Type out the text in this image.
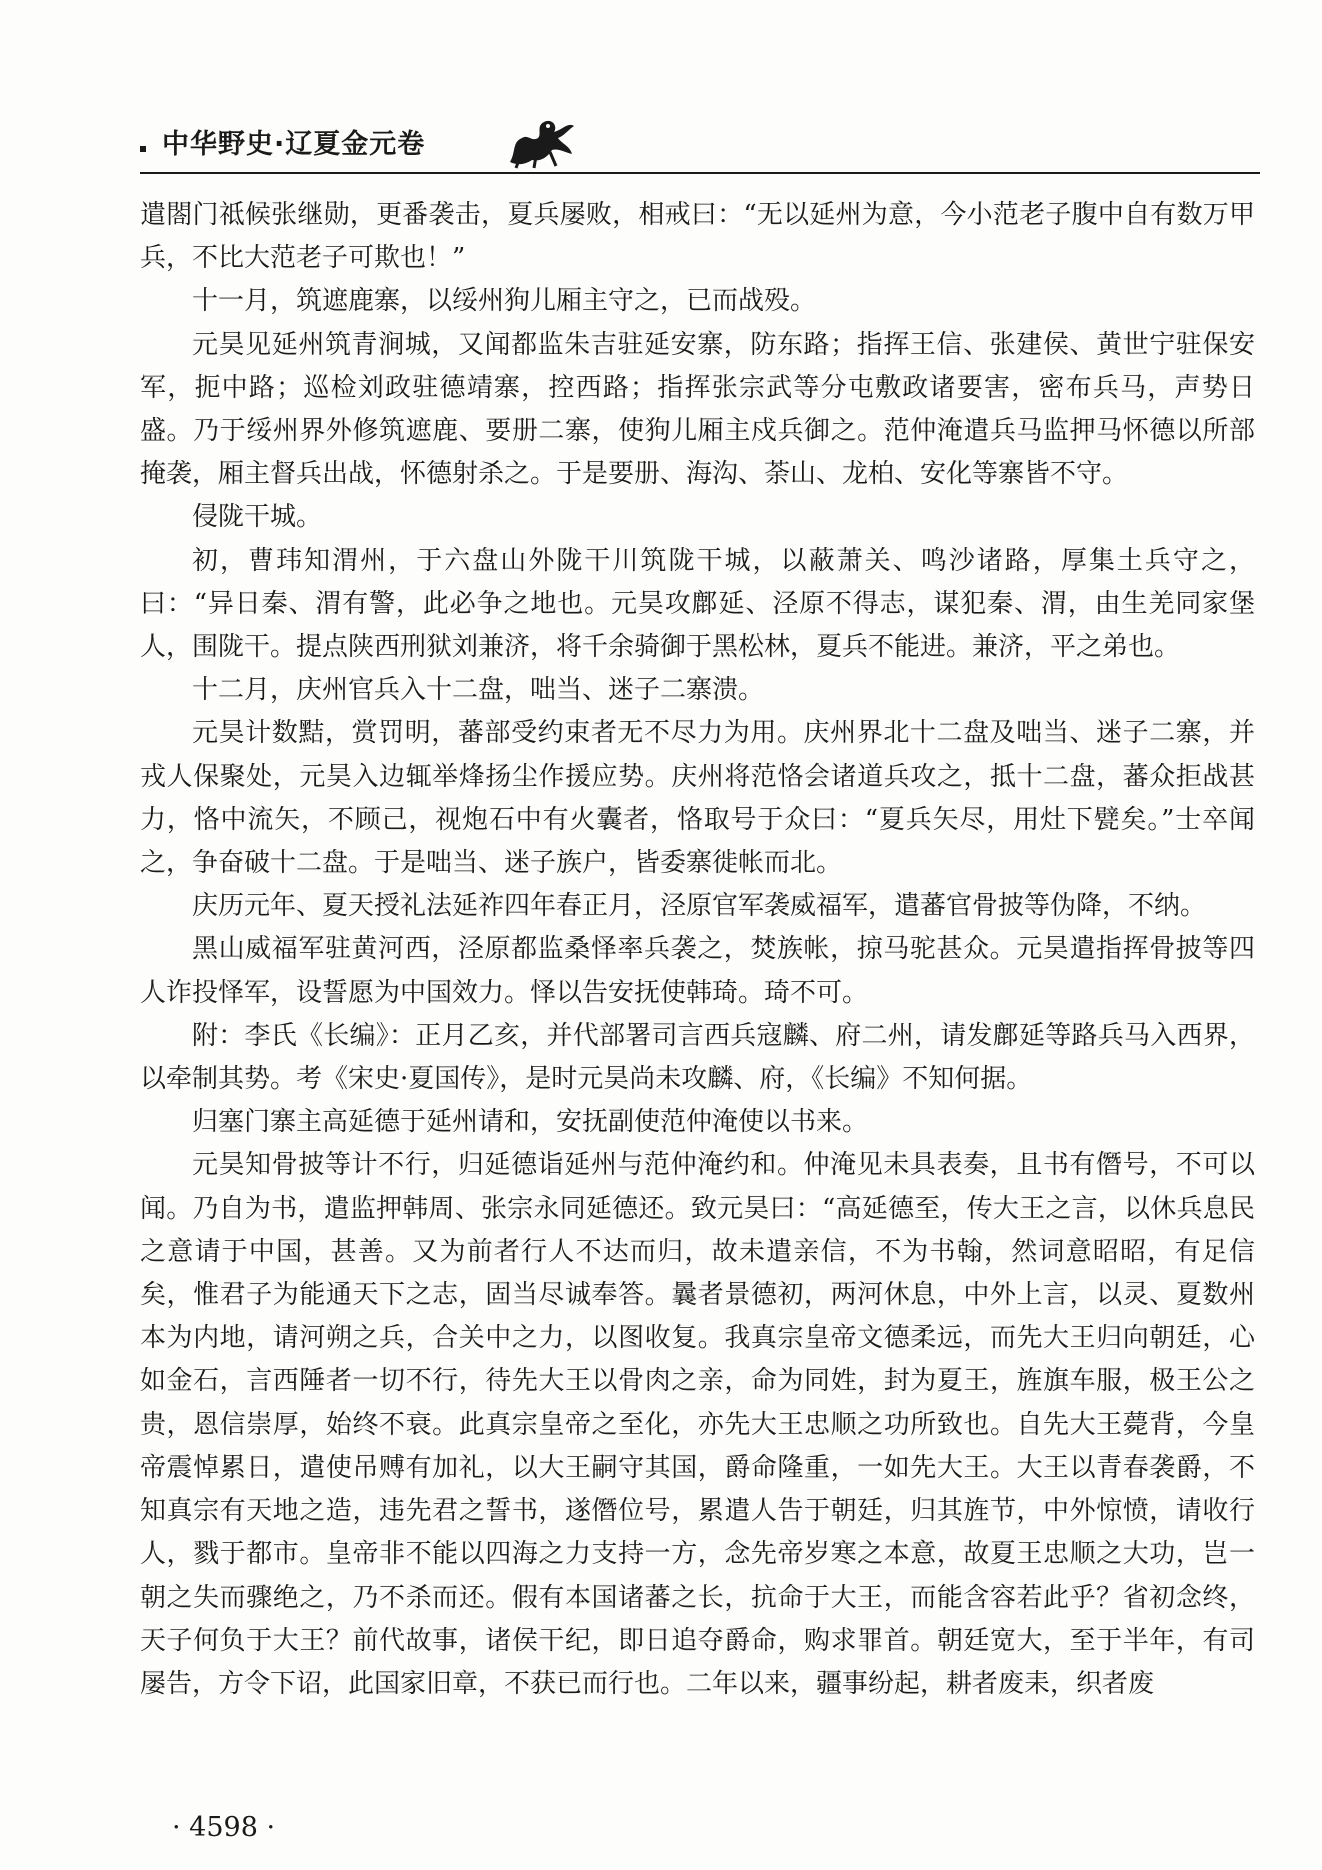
中华野史·辽夏金元卷

遣閤门祗候张继勋，更番袭击，夏兵屡败，相戒曰：“无以延州为意，今小范老子腹中自有数万甲兵，不比大范老子可欺也！”

十一月，筑遮鹿寨，以绥州狗儿厢主守之，已而战殁。

元昊见延州筑青涧城，又闻都监朱吉驻延安寨，防东路；指挥王信、张建侯、黄世宁驻保安军，扼中路；巡检刘政驻德靖寨，控西路；指挥张宗武等分屯敷政诸要害，密布兵马，声势日盛。乃于绥州界外修筑遮鹿、要册二寨，使狗儿厢主戍兵御之。范仲淹遣兵马监押马怀德以所部掩袭，厢主督兵出战，怀德射杀之。于是要册、海沟、荼山、龙柏、安化等寨皆不守。

侵陇干城。

初，曹玮知渭州，于六盘山外陇干川筑陇干城，以蔽萧关、鸣沙诸路，厚集土兵守之，曰：“异日秦、渭有警，此必争之地也。元昊攻鄜延、泾原不得志，谋犯秦、渭，由生羌同家堡人，围陇干。提点陕西刑狱刘兼济，将千余骑御于黑松林，夏兵不能进。兼济，平之弟也。

十二月，庆州官兵入十二盘，咄当、迷子二寨溃。

元昊计数黠，赏罚明，蕃部受约束者无不尽力为用。庆州界北十二盘及咄当、迷子二寨，并戎人保聚处，元昊入边辄举烽扬尘作援应势。庆州将范恪会诸道兵攻之，抵十二盘，蕃众拒战甚力，恪中流矢，不顾己，视炮石中有火囊者，恪取号于众曰：“夏兵矢尽，用灶下甓矣。”士卒闻之，争奋破十二盘。于是咄当、迷子族户，皆委寨徙帐而北。

庆历元年、夏天授礼法延祚四年春正月，泾原官军袭威福军，遣蕃官骨披等伪降，不纳。

黑山威福军驻黄河西，泾原都监桑怿率兵袭之，焚族帐，掠马驼甚众。元昊遣指挥骨披等四人诈投怿军，设誓愿为中国效力。怿以告安抚使韩琦。琦不可。

附：李氏《长编》：正月乙亥，并代部署司言西兵寇麟、府二州，请发鄜延等路兵马入西界，以牵制其势。考《宋史·夏国传》，是时元昊尚未攻麟、府，《长编》不知何据。

归塞门寨主高延德于延州请和，安抚副使范仲淹使以书来。

元昊知骨披等计不行，归延德诣延州与范仲淹约和。仲淹见未具表奏，且书有僭号，不可以闻。乃自为书，遣监押韩周、张宗永同延德还。致元昊曰：“高延德至，传大王之言，以休兵息民之意请于中国，甚善。又为前者行人不达而归，故未遣亲信，不为书翰，然词意昭昭，有足信矣，惟君子为能通天下之志，固当尽诚奉答。曩者景德初，两河休息，中外上言，以灵、夏数州本为内地，请河朔之兵，合关中之力，以图收复。我真宗皇帝文德柔远，而先大王归向朝廷，心如金石，言西陲者一切不行，待先大王以骨肉之亲，命为同姓，封为夏王，旌旗车服，极王公之贵，恩信崇厚，始终不衰。此真宗皇帝之至化，亦先大王忠顺之功所致也。自先大王薨背，今皇帝震悼累日，遣使吊赙有加礼，以大王嗣守其国，爵命隆重，一如先大王。大王以青春袭爵，不知真宗有天地之造，违先君之誓书，遂僭位号，累遣人告于朝廷，归其旌节，中外惊愤，请收行人，戮于都市。皇帝非不能以四海之力支持一方，念先帝岁寒之本意，故夏王忠顺之大功，岂一朝之失而骤绝之，乃不杀而还。假有本国诸蕃之长，抗命于大王，而能含容若此乎？省初念终，天子何负于大王？前代故事，诸侯干纪，即日追夺爵命，购求罪首。朝廷宽大，至于半年，有司屡告，方令下诏，此国家旧章，不获已而行也。二年以来，疆事纷起，耕者废耒，织者废

· 4598 ·
